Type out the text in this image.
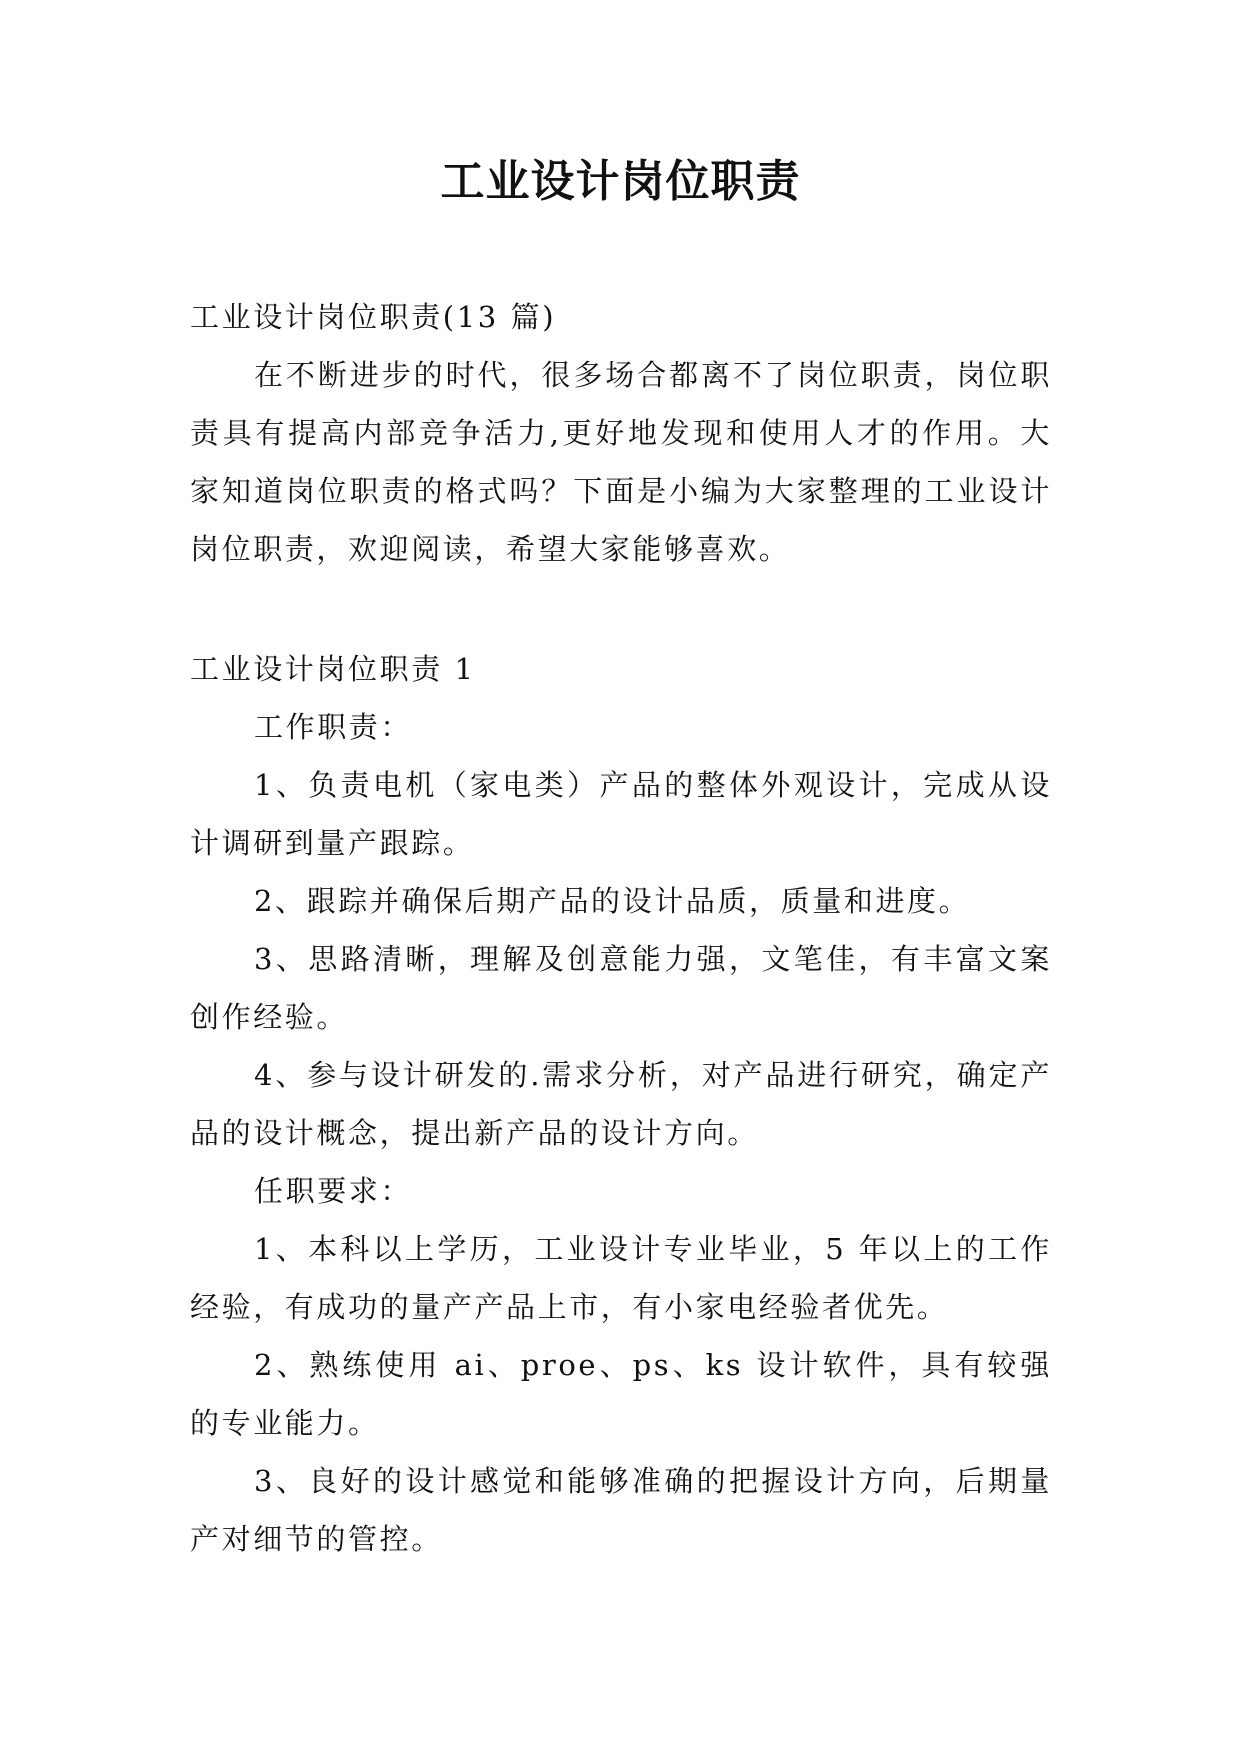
工业设计岗位职责

工业设计岗位职责(13 篇)

在不断进步的时代，很多场合都离不了岗位职责，岗位职责具有提高内部竞争活力,更好地发现和使用人才的作用。大家知道岗位职责的格式吗？下面是小编为大家整理的工业设计岗位职责，欢迎阅读，希望大家能够喜欢。

工业设计岗位职责 1

工作职责：

1、负责电机（家电类）产品的整体外观设计，完成从设计调研到量产跟踪。

2、跟踪并确保后期产品的设计品质，质量和进度。

3、思路清晰，理解及创意能力强，文笔佳，有丰富文案创作经验。

4、参与设计研发的.需求分析，对产品进行研究，确定产品的设计概念，提出新产品的设计方向。

任职要求：

1、本科以上学历，工业设计专业毕业，5 年以上的工作经验，有成功的量产产品上市，有小家电经验者优先。

2、熟练使用 ai、proe、ps、ks 设计软件，具有较强的专业能力。

3、良好的设计感觉和能够准确的把握设计方向，后期量产对细节的管控。
